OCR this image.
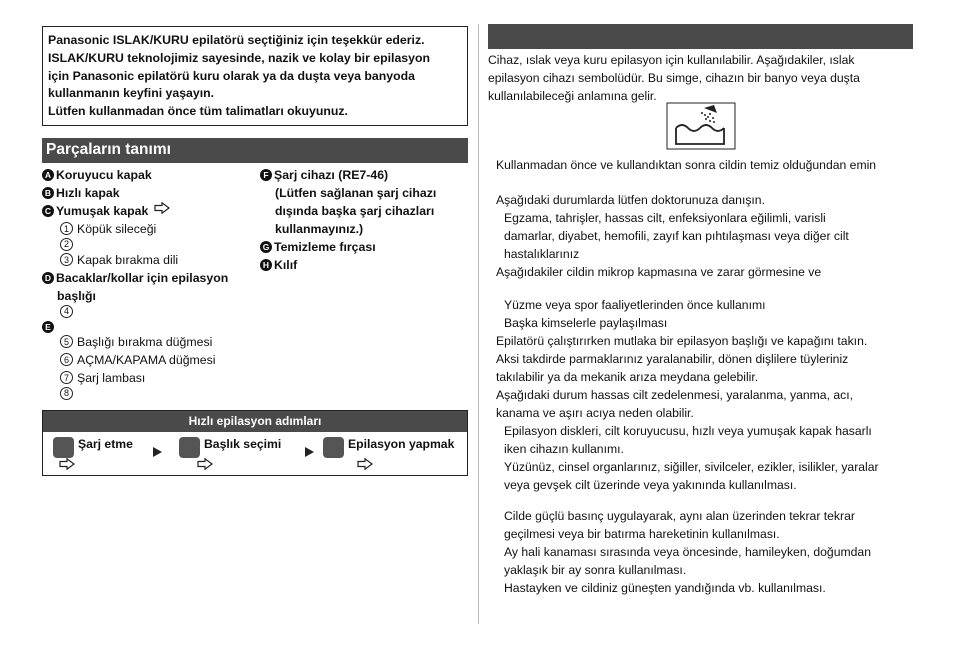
Panasonic ISLAK/KURU epilatörü seçtiğiniz için teşekkür ederiz.

ISLAK/KURU teknolojimiz sayesinde, nazik ve kolay bir epilasyon

için Panasonic epilatörü kuru olarak ya da duşta veya banyoda

kullanmanın keyfini yaşayın.

Lütfen kullanmadan önce tüm talimatları okuyunuz.

Parçaların tanımı
A Koruyucu kapak
B Hızlı kapak
C Yumuşak kapak
1 Köpük sileceği
2
3 Kapak bırakma dili
D Bacaklar/kollar için epilasyon
başlığı
4
E
5 Başlığı bırakma düğmesi
6 AÇMA/KAPAMA düğmesi
7 Şarj lambası
8
F Şarj cihazı (RE7-46)
(Lütfen sağlanan şarj cihazı
dışında başka şarj cihazları
kullanmayınız.)
G Temizleme fırçası
H Kılıf
Hızlı epilasyon adımları
Şarj etme	Başlık seçimi	Epilasyon yapmak
Cihaz, ıslak veya kuru epilasyon için kullanılabilir. Aşağıdakiler, ıslak
epilasyon cihazı sembolüdür. Bu simge, cihazın bir banyo veya duşta
kullanılabileceği anlamına gelir.
Kullanmadan önce ve kullandıktan sonra cildin temiz olduğundan emin
Aşağıdaki durumlarda lütfen doktorunuza danışın.
Egzama, tahrişler, hassas cilt, enfeksiyonlara eğilimli, varisli
damarlar, diyabet, hemofili, zayıf kan pıhtılaşması veya diğer cilt
hastalıklarınız
Aşağıdakiler cildin mikrop kapmasına ve zarar görmesine ve
Yüzme veya spor faaliyetlerinden önce kullanımı
Başka kimselerle paylaşılması
Epilatörü çalıştırırken mutlaka bir epilasyon başlığı ve kapağını takın.
Aksi takdirde parmaklarınız yaralanabilir, dönen dişlilere tüyleriniz
takılabilir ya da mekanik arıza meydana gelebilir.
Aşağıdaki durum hassas cilt zedelenmesi, yaralanma, yanma, acı,
kanama ve aşırı acıya neden olabilir.
Epilasyon diskleri, cilt koruyucusu, hızlı veya yumuşak kapak hasarlı
iken cihazın kullanımı.
Yüzünüz, cinsel organlarınız, siğiller, sivilceler, ezikler, isilikler, yaralar
veya gevşek cilt üzerinde veya yakınında kullanılması.
Cilde güçlü basınç uygulayarak, aynı alan üzerinden tekrar tekrar
geçilmesi veya bir batırma hareketinin kullanılması.
Ay hali kanaması sırasında veya öncesinde, hamileyken, doğumdan
yaklaşık bir ay sonra kullanılması.
Hastayken ve cildiniz güneşten yandığında vb. kullanılması.
